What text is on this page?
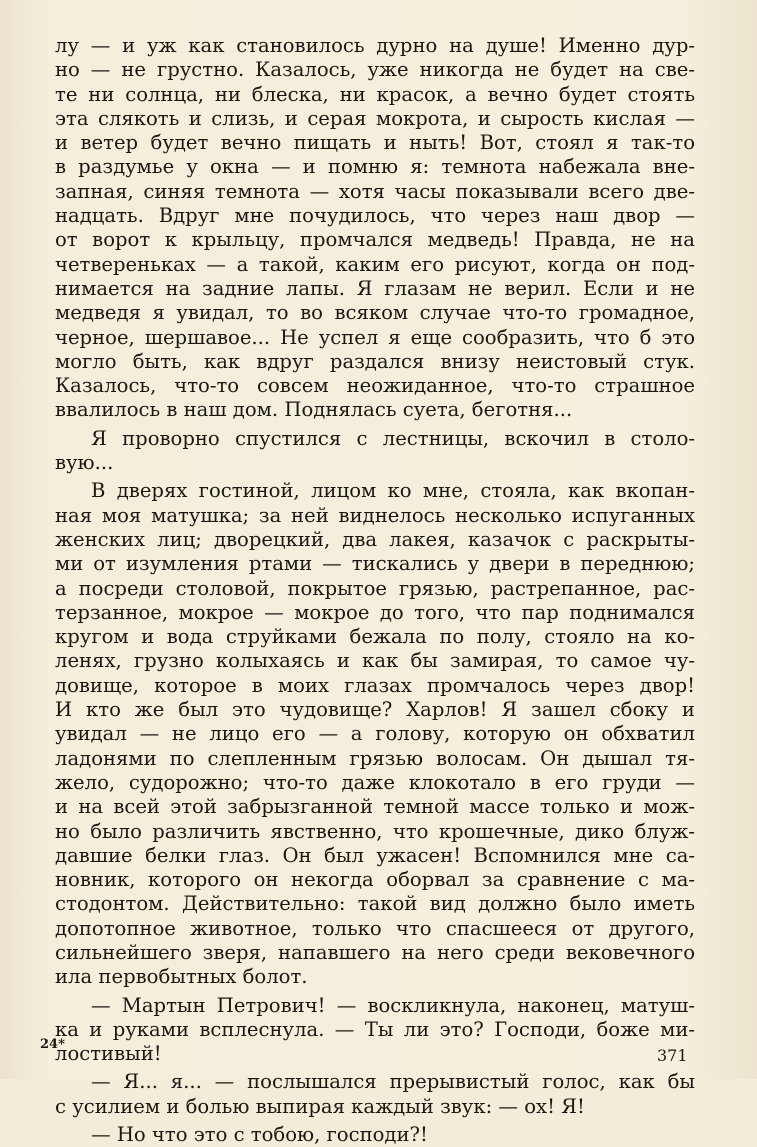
лу — и уж как становилось дурно на душе! Именно дур-
но — не грустно. Казалось, уже никогда не будет на све-
те ни солнца, ни блеска, ни красок, а вечно будет стоять
эта слякоть и слизь, и серая мокрота, и сырость кислая —
и ветер будет вечно пищать и ныть! Вот, стоял я так-то
в раздумье у окна — и помню я: темнота набежала вне-
запная, синяя темнота — хотя часы показывали всего две-
надцать. Вдруг мне почудилось, что через наш двор —
от ворот к крыльцу, промчался медведь! Правда, не на
четвереньках — а такой, каким его рисуют, когда он под-
нимается на задние лапы. Я глазам не верил. Если и не
медведя я увидал, то во всяком случае что-то громадное,
черное, шершавое... Не успел я еще сообразить, что б это
могло быть, как вдруг раздался внизу неистовый стук.
Казалось, что-то совсем неожиданное, что-то страшное
ввалилось в наш дом. Поднялась суета, беготня...

Я проворно спустился с лестницы, вскочил в столо-
вую...

В дверях гостиной, лицом ко мне, стояла, как вкопан-
ная моя матушка; за ней виднелось несколько испуганных
женских лиц; дворецкий, два лакея, казачок с раскрыты-
ми от изумления ртами — тискались у двери в переднюю;
а посреди столовой, покрытое грязью, растрепанное, рас-
терзанное, мокрое — мокрое до того, что пар поднимался
кругом и вода струйками бежала по полу, стояло на ко-
ленях, грузно колыхаясь и как бы замирая, то самое чу-
довище, которое в моих глазах промчалось через двор!
И кто же был это чудовище? Харлов! Я зашел сбоку и
увидал — не лицо его — а голову, которую он обхватил
ладонями по слепленным грязью волосам. Он дышал тя-
жело, судорожно; что-то даже клокотало в его груди —
и на всей этой забрызганной темной массе только и мож-
но было различить явственно, что крошечные, дико блуж-
давшие белки глаз. Он был ужасен! Вспомнился мне са-
новник, которого он некогда оборвал за сравнение с ма-
стодонтом. Действительно: такой вид должно было иметь
допотопное животное, только что спасшееся от другого,
сильнейшего зверя, напавшего на него среди вековечного
ила первобытных болот.

— Мартын Петрович! — воскликнула, наконец, матуш-
ка и руками всплеснула. — Ты ли это? Господи, боже ми-
лостивый!

— Я... я... — послышался прерывистый голос, как бы
с усилием и болью выпирая каждый звук: — ох! Я!

— Но что это с тобою, господи?!

24*
371
